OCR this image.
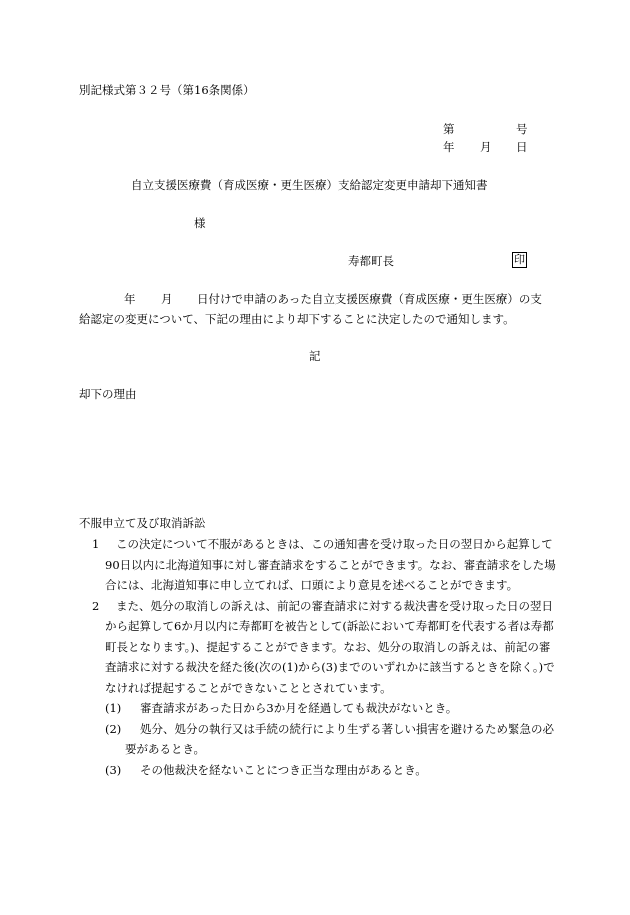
別記様式第３２号（第16条関係）
第	号
年 月 日
自立支援医療費（育成医療・更生医療）支給認定変更申請却下通知書
様
寿都町長	印
年 月 日付けで申請のあった自立支援医療費（育成医療・更生医療）の支
給認定の変更について、下記の理由により却下することに決定したので通知します。
記
却下の理由
不服申立て及び取消訴訟
1 この決定について不服があるときは、この通知書を受け取った日の翌日から起算して90日以内に北海道知事に対し審査請求をすることができます。なお、審査請求をした場合には、北海道知事に申し立てれば、口頭により意見を述べることができます。
2 また、処分の取消しの訴えは、前記の審査請求に対する裁決書を受け取った日の翌日から起算して6か月以内に寿都町を被告として(訴訟において寿都町を代表する者は寿都町長となります。)、提起することができます。なお、処分の取消しの訴えは、前記の審査請求に対する裁決を経た後(次の(1)から(3)までのいずれかに該当するときを除く。)でなければ提起することができないこととされています。
(1) 審査請求があった日から3か月を経過しても裁決がないとき。
(2) 処分、処分の執行又は手続の続行により生ずる著しい損害を避けるため緊急の必要があるとき。
(3) その他裁決を経ないことにつき正当な理由があるとき。
